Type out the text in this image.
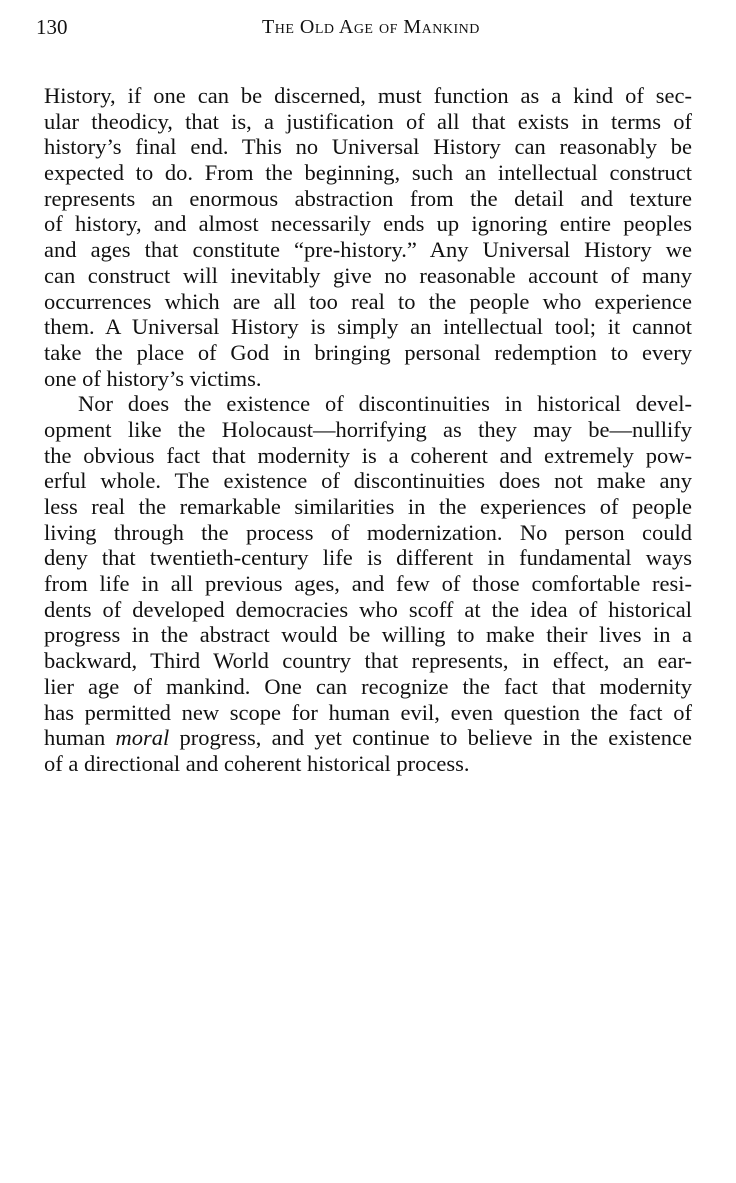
130	The Old Age of Mankind
History, if one can be discerned, must function as a kind of sec-
ular theodicy, that is, a justification of all that exists in terms of
history’s final end. This no Universal History can reasonably be
expected to do. From the beginning, such an intellectual construct
represents an enormous abstraction from the detail and texture
of history, and almost necessarily ends up ignoring entire peoples
and ages that constitute “pre-history.” Any Universal History we
can construct will inevitably give no reasonable account of many
occurrences which are all too real to the people who experience
them. A Universal History is simply an intellectual tool; it cannot
take the place of God in bringing personal redemption to every
one of history’s victims.
Nor does the existence of discontinuities in historical devel-
opment like the Holocaust—horrifying as they may be—nullify
the obvious fact that modernity is a coherent and extremely pow-
erful whole. The existence of discontinuities does not make any
less real the remarkable similarities in the experiences of people
living through the process of modernization. No person could
deny that twentieth-century life is different in fundamental ways
from life in all previous ages, and few of those comfortable resi-
dents of developed democracies who scoff at the idea of historical
progress in the abstract would be willing to make their lives in a
backward, Third World country that represents, in effect, an ear-
lier age of mankind. One can recognize the fact that modernity
has permitted new scope for human evil, even question the fact of
human moral progress, and yet continue to believe in the existence
of a directional and coherent historical process.
